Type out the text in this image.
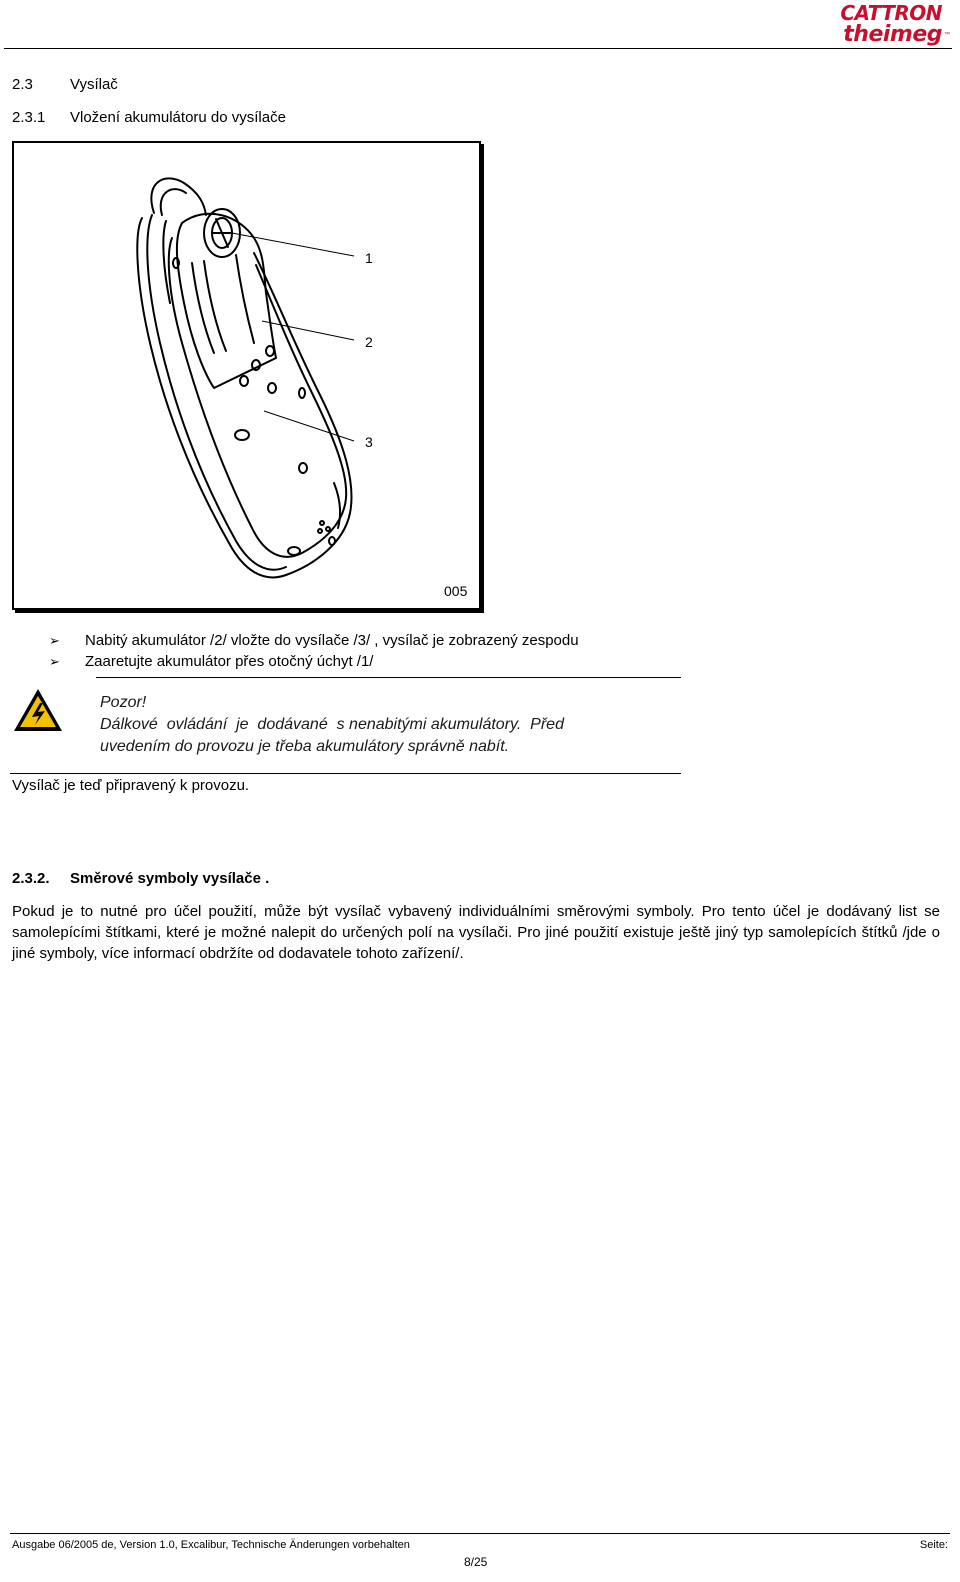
CATTRON
theimeg ™
2.3 Vysílač
2.3.1 Vložení akumulátoru do vysílače
1
2
3
005
➢ Nabitý akumulátor /2/ vložte do vysílače /3/ , vysílač je zobrazený zespodu
➢ Zaaretujte akumulátor přes otočný úchyt /1/
Pozor!
Dálkové  ovládání  je  dodávané  s nenabitými akumulátory.  Před
uvedením do provozu je třeba akumulátory správně nabít.
Vysílač je teď připravený k provozu.
2.3.2. Směrové symboly vysílače .
Pokud je to nutné pro účel použití, může být vysílač vybavený individuálními směrovými symboly. Pro tento účel je dodávaný list se samolepícími štítkami, které je možné nalepit do určených polí na vysílači. Pro jiné použití existuje ještě jiný typ samolepících štítků /jde o jiné symboly, více informací obdržíte od dodavatele tohoto zařízení/.
Ausgabe 06/2005 de, Version 1.0, Excalibur, Technische Änderungen vorbehalten	Seite:
8/25
